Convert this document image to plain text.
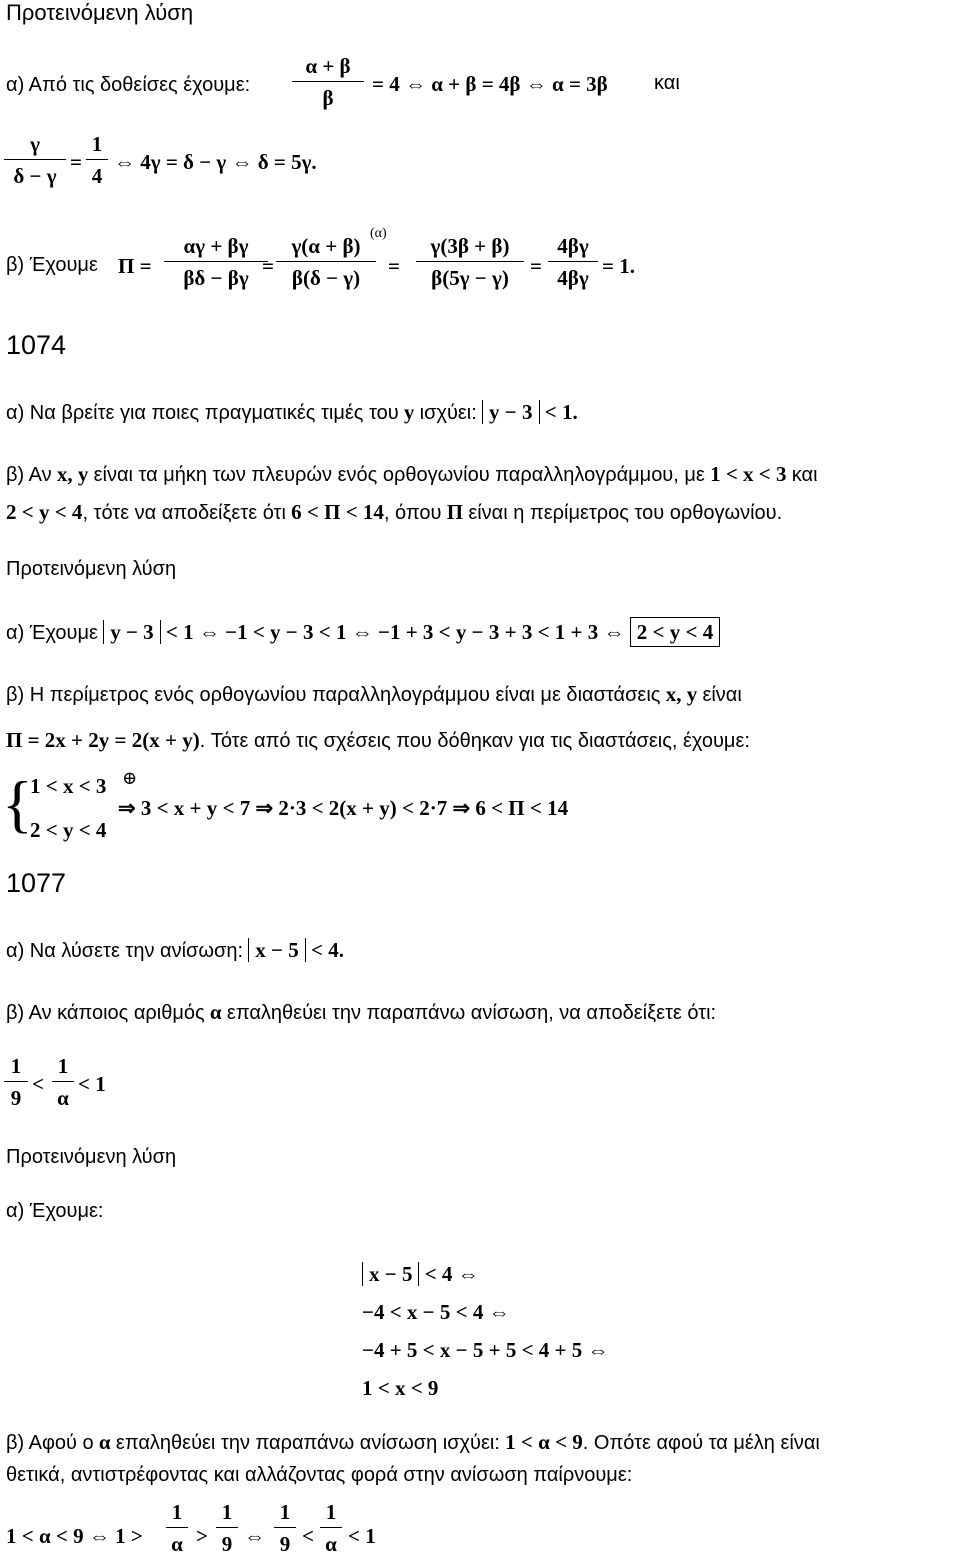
Προτεινόμενη λύση
α) Από τις δοθείσες έχουμε:
α + β
β
= 4 ⇔ α + β = 4β ⇔ α = 3β και
γ
δ − γ
=
1
4
⇔ 4γ = δ − γ ⇔ δ = 5γ.
β) Έχουμε Π =
αγ + βγ
βδ − βγ =
γ(α + β)
β(δ − γ)
(α)
=
γ(3β + β)
β(5γ − γ)	=
4βγ
4βγ = 1.
1074
α) Να βρείτε για ποιες πραγματικές τιμές του y ισχύει: y − 3 < 1.
β) Αν x, y είναι τα μήκη των πλευρών ενός ορθογωνίου παραλληλογράμμου, με 1 < x < 3 και
2 < y < 4, τότε να αποδείξετε ότι 6 < Π < 14, όπου Π είναι η περίμετρος του ορθογωνίου.
Προτεινόμενη λύση
α) Έχουμε y − 3 < 1 ⇔ −1 < y − 3 < 1 ⇔ −1 + 3 < y − 3 + 3 < 1 + 3 ⇔ 2 < y < 4
β) Η περίμετρος ενός ορθογωνίου παραλληλογράμμου είναι με διαστάσεις x, y είναι
Π = 2x + 2y = 2(x + y). Τότε από τις σχέσεις που δόθηκαν για τις διαστάσεις, έχουμε:
{
1 < x < 3 ⊕
2 < y < 4
⇒ 3 < x + y < 7 ⇒ 2·3 < 2(x + y) < 2·7 ⇒ 6 < Π < 14
1077
α) Να λύσετε την ανίσωση: x − 5 < 4.
β) Αν κάποιος αριθμός α επαληθεύει την παραπάνω ανίσωση, να αποδείξετε ότι:
1
9
<
1
α
< 1
Προτεινόμενη λύση
α) Έχουμε:
x − 5 < 4 ⇔
−4 < x − 5 < 4 ⇔
−4 + 5 < x − 5 + 5 < 4 + 5 ⇔
1 < x < 9
β) Αφού ο α επαληθεύει την παραπάνω ανίσωση ισχύει: 1 < α < 9. Οπότε αφού τα μέλη είναι
θετικά, αντιστρέφοντας και αλλάζοντας φορά στην ανίσωση παίρνουμε:
1 < α < 9 ⇔ 1 >
1
α >
1
9 ⇔
1
9 <
1
α < 1
